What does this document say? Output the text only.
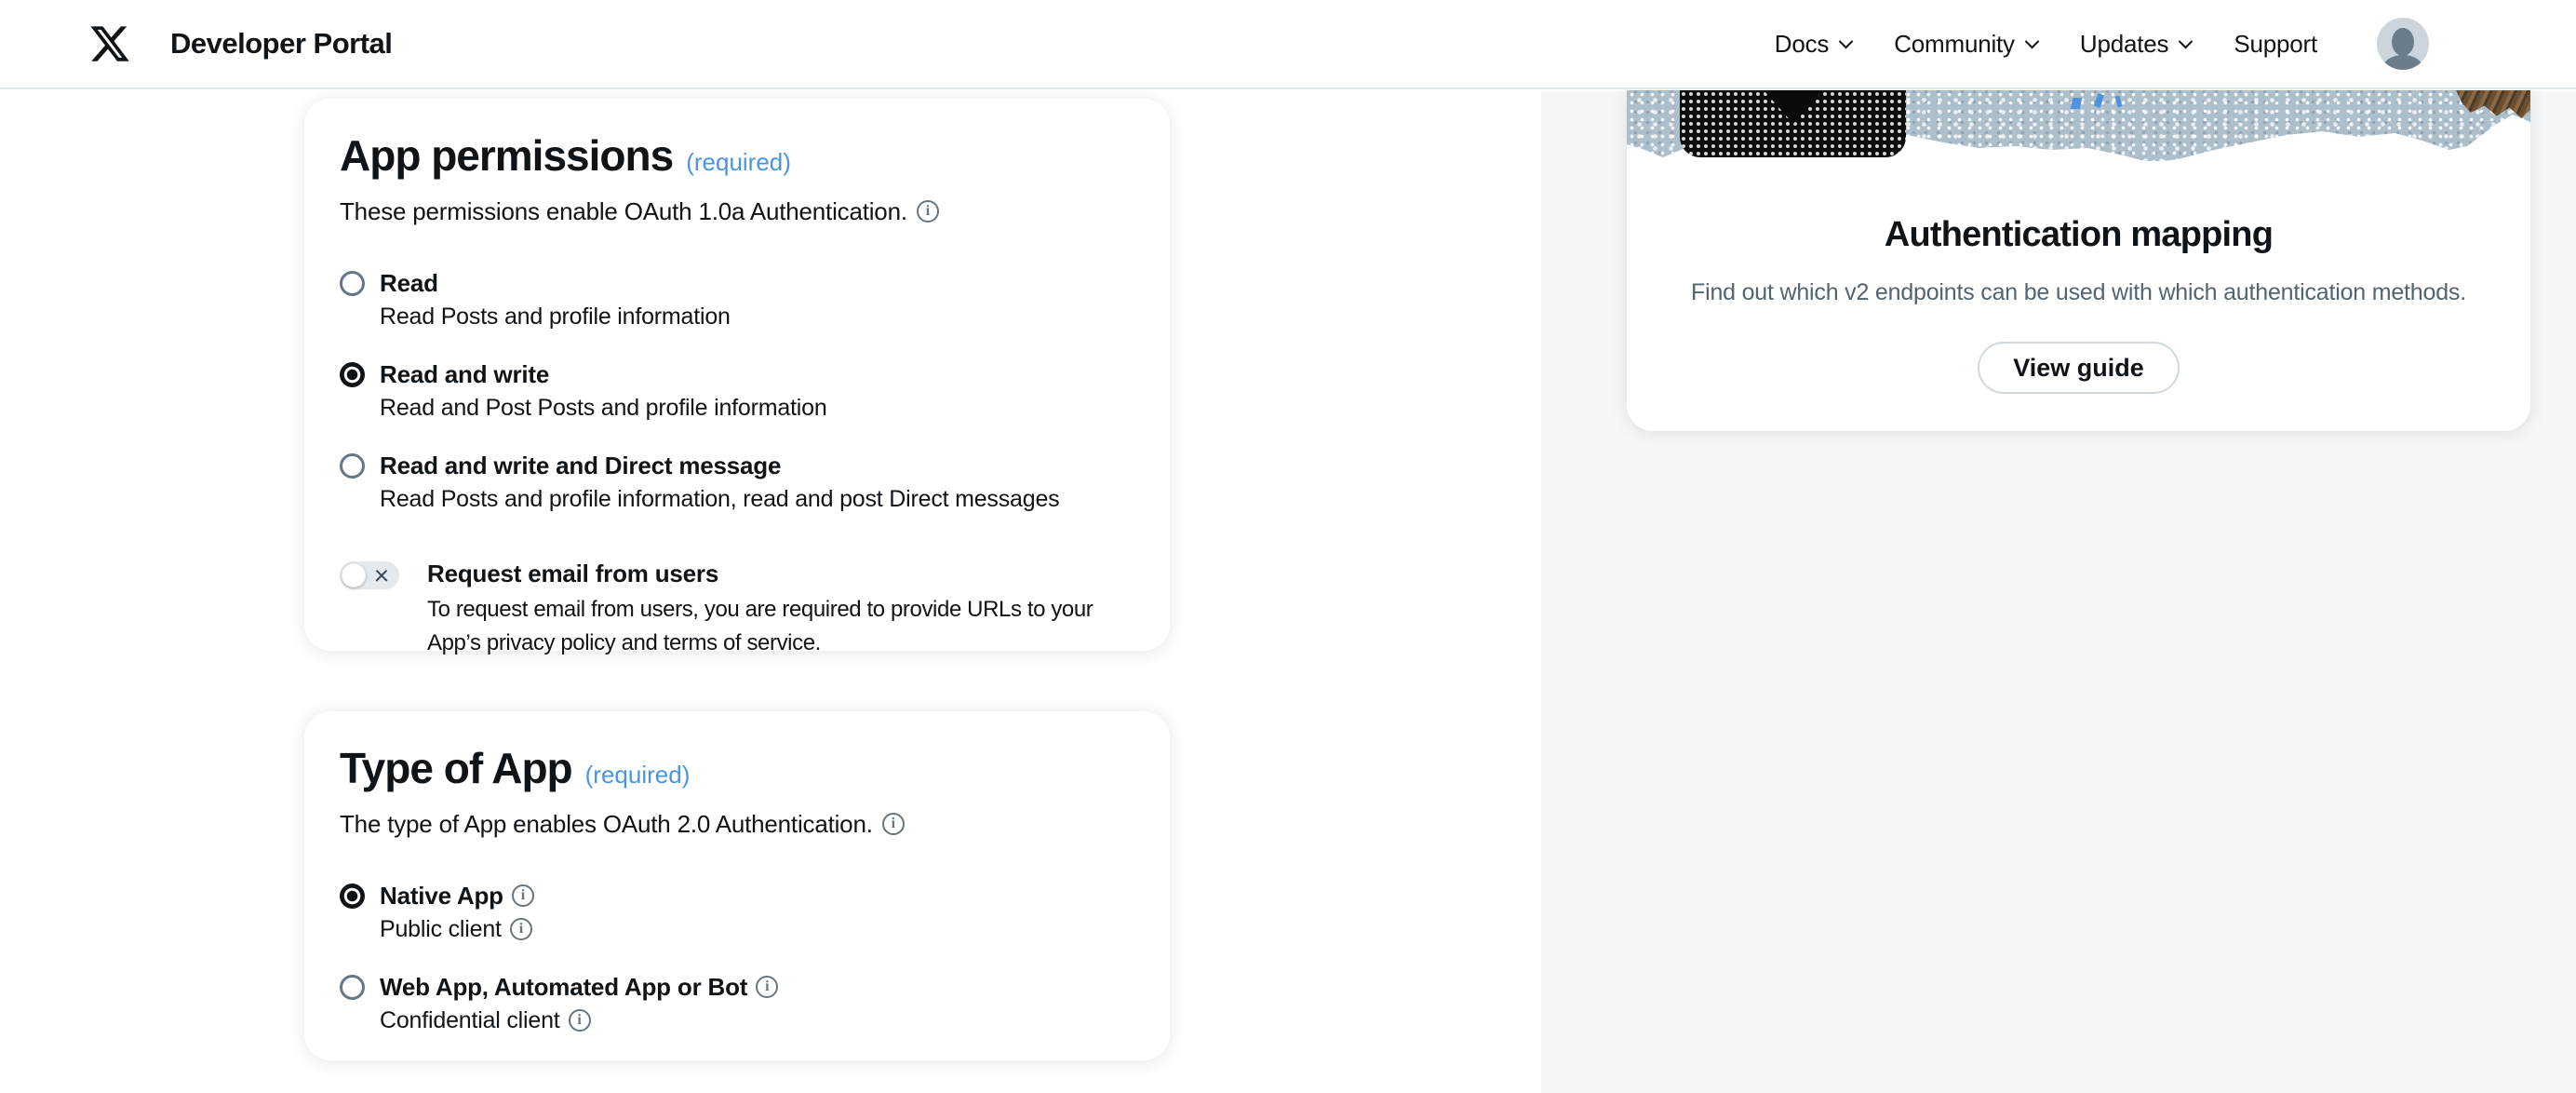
Developer Portal	Docs	Community	Updates	Support
App permissions (required)

These permissions enable OAuth 1.0a Authentication.
i

Read
Read Posts and profile information
Read and write
Read and Post Posts and profile information
Read and write and Direct message
Read Posts and profile information, read and post Direct messages
Request email from users
To request email from users, you are required to provide URLs to your App’s privacy policy and terms of service.
Type of App (required)

The type of App enables OAuth 2.0 Authentication.
i

Native App
i
Public client
i
Web App, Automated App or Bot
i
Confidential client
i
Authentication mapping

Find out which v2 endpoints can be used with which authentication methods.

View guide
